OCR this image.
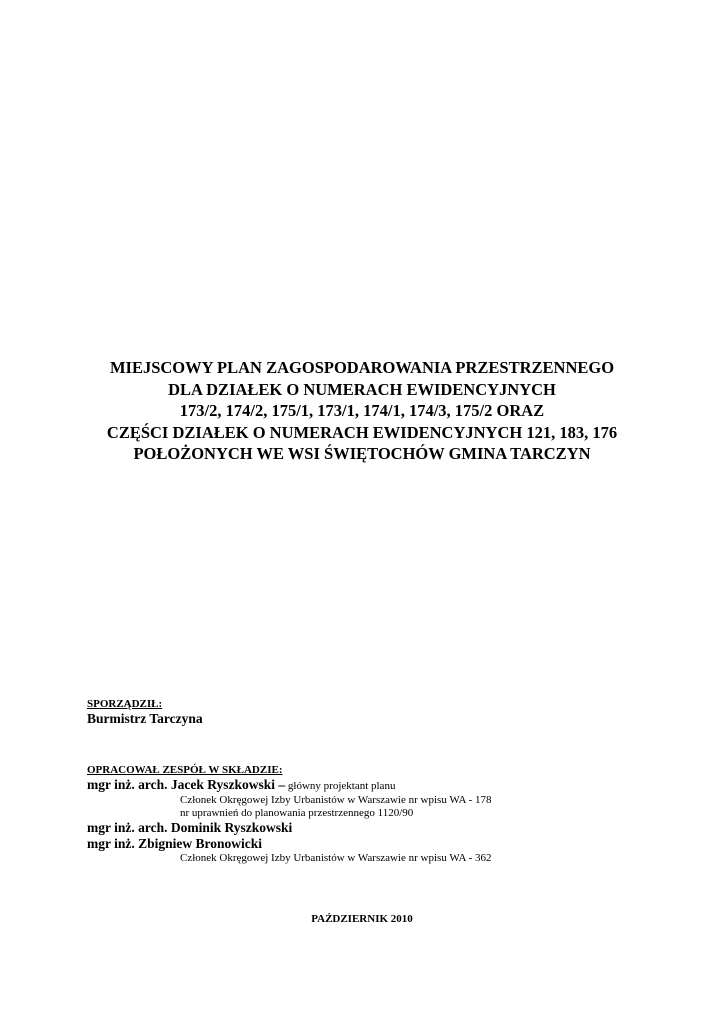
MIEJSCOWY PLAN ZAGOSPODAROWANIA PRZESTRZENNEGO
DLA DZIAŁEK O NUMERACH EWIDENCYJNYCH
173/2, 174/2, 175/1, 173/1, 174/1, 174/3, 175/2 ORAZ
CZĘŚCI DZIAŁEK O NUMERACH EWIDENCYJNYCH 121, 183, 176
POŁOŻONYCH WE WSI ŚWIĘTOCHÓW GMINA TARCZYN
SPORZĄDZIŁ:
Burmistrz Tarczyna
OPRACOWAŁ ZESPÓŁ W SKŁADZIE:
mgr inż. arch. Jacek Ryszkowski – główny projektant planu
Członek Okręgowej Izby Urbanistów w Warszawie nr wpisu WA - 178
nr uprawnień do planowania przestrzennego 1120/90
mgr inż. arch. Dominik Ryszkowski
mgr inż. Zbigniew Bronowicki
Członek Okręgowej Izby Urbanistów w Warszawie nr wpisu WA - 362
PAŹDZIERNIK 2010
